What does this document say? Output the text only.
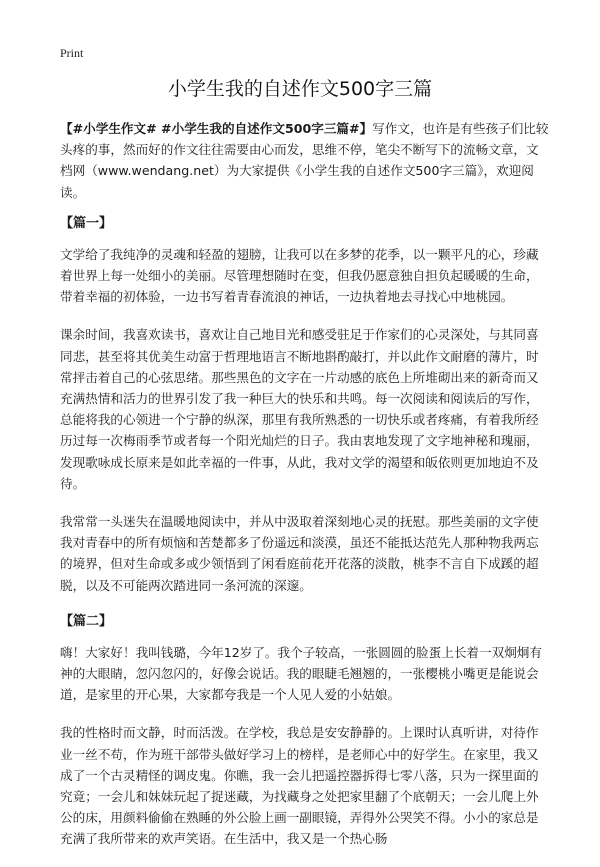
Print
小学生我的自述作文500字三篇

【#小学生作文# #小学生我的自述作文500字三篇#】写作文，也许是有些孩子们比较头疼的事，然而好的作文往往需要由心而发，思维不停，笔尖不断写下的流畅文章，文档网（www.wendang.net）为大家提供《小学生我的自述作文500字三篇》，欢迎阅读。

【篇一】

文学给了我纯净的灵魂和轻盈的翅膀，让我可以在多梦的花季，以一颗平凡的心，珍藏着世界上每一处细小的美丽。尽管理想随时在变，但我仍愿意独自担负起暖暖的生命，带着幸福的初体验，一边书写着青春流浪的神话，一边执着地去寻找心中地桃园。

课余时间，我喜欢读书，喜欢让自己地目光和感受驻足于作家们的心灵深处，与其同喜同悲，甚至将其优美生动富于哲理地语言不断地斟酌敲打，并以此作文耐磨的薄片，时常抨击着自己的心弦思绪。那些黑色的文字在一片动感的底色上所堆砌出来的新奇而又充满热情和活力的世界引发了我一种巨大的快乐和共鸣。每一次阅读和阅读后的写作，总能将我的心领进一个宁静的纵深，那里有我所熟悉的一切快乐或者疼痛，有着我所经历过每一次梅雨季节或者每一个阳光灿烂的日子。我由衷地发现了文字地神秘和瑰丽，发现歌咏成长原来是如此幸福的一件事，从此，我对文学的渴望和皈依则更加地迫不及待。

我常常一头迷失在温暖地阅读中，并从中汲取着深刻地心灵的抚慰。那些美丽的文字使我对青春中的所有烦恼和苦楚都多了份遥远和淡漠，虽还不能抵达范先人那种物我两忘的境界，但对生命或多或少领悟到了闲看庭前花开花落的淡散，桃李不言自下成蹊的超脱，以及不可能两次踏进同一条河流的深邃。

【篇二】

嗨！大家好！我叫钱璐，今年12岁了。我个子较高，一张圆圆的脸蛋上长着一双炯炯有神的大眼睛，忽闪忽闪的，好像会说话。我的眼睫毛翘翘的，一张樱桃小嘴更是能说会道，是家里的开心果，大家都夸我是一个人见人爱的小姑娘。

我的性格时而文静，时而活泼。在学校，我总是安安静静的。上课时认真听讲，对待作业一丝不苟，作为班干部带头做好学习上的榜样，是老师心中的好学生。在家里，我又成了一个古灵精怪的调皮鬼。你瞧，我一会儿把遥控器拆得七零八落，只为一探里面的究竟；一会儿和妹妹玩起了捉迷藏，为找藏身之处把家里翻了个底朝天；一会儿爬上外公的床，用颜料偷偷在熟睡的外公脸上画一副眼镜，弄得外公哭笑不得。小小的家总是充满了我所带来的欢声笑语。在生活中，我又是一个热心肠
